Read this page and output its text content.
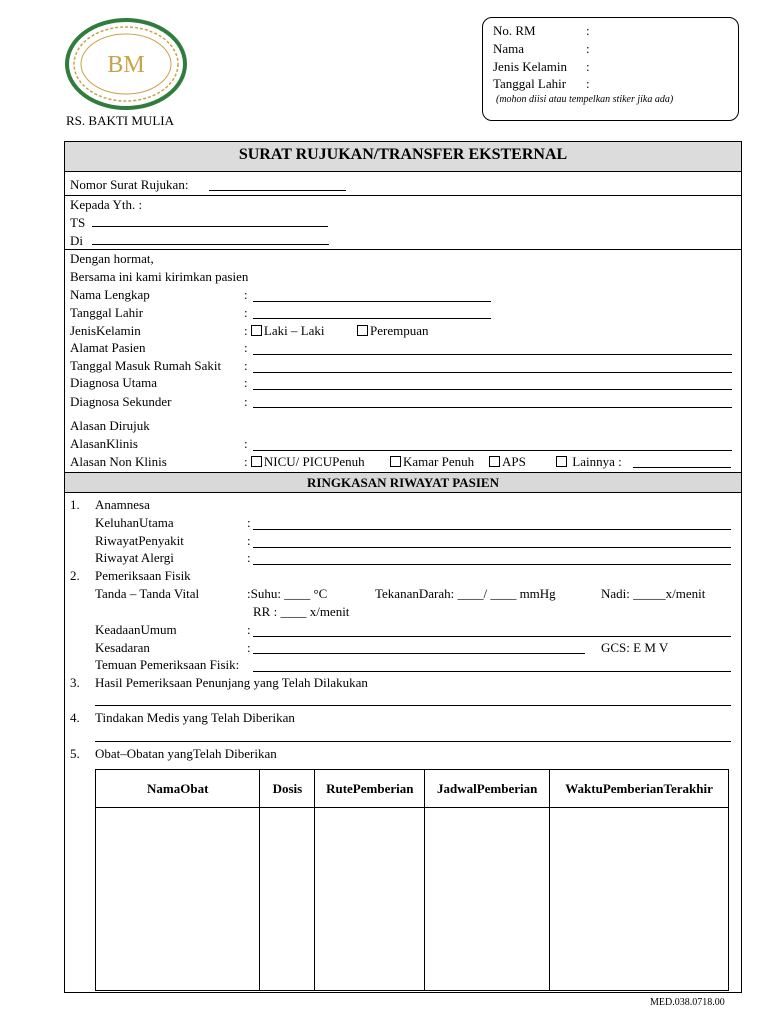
BM
RS. BAKTI MULIA
No. RM	:
Nama	:
Jenis Kelamin :
Tanggal Lahir :
(mohon diisi atau tempelkan stiker jika ada)
SURAT RUJUKAN/TRANSFER EKSTERNAL
Nomor Surat Rujukan:
Kepada Yth. :
TS
Di
Dengan hormat,
Bersama ini kami kirimkan pasien
Nama Lengkap	:
Tanggal Lahir	:
JenisKelamin	: Laki – Laki	Perempuan
Alamat Pasien	:
Tanggal Masuk Rumah Sakit :
Diagnosa Utama	:
Diagnosa Sekunder	:
Alasan Dirujuk
AlasanKlinis	:
Alasan Non Klinis	: NICU/ PICUPenuh	Kamar Penuh	APS	Lainnya :
RINGKASAN RIWAYAT PASIEN
1. Anamnesa
KeluhanUtama	:
RiwayatPenyakit	:
Riwayat Alergi	:
2. Pemeriksaan Fisik
Tanda – Tanda Vital	:Suhu: ____ °C	TekananDarah: ____/ ____ mmHg	Nadi: _____x/menit
RR : ____ x/menit
KeadaanUmum	:
Kesadaran	:	GCS: E M V
Temuan Pemeriksaan Fisik:
3. Hasil Pemeriksaan Penunjang yang Telah Dilakukan
4. Tindakan Medis yang Telah Diberikan
5. Obat–Obatan yangTelah Diberikan
NamaObat	Dosis	RutePemberian	JadwalPemberian	WaktuPemberianTerakhir

MED.038.0718.00
